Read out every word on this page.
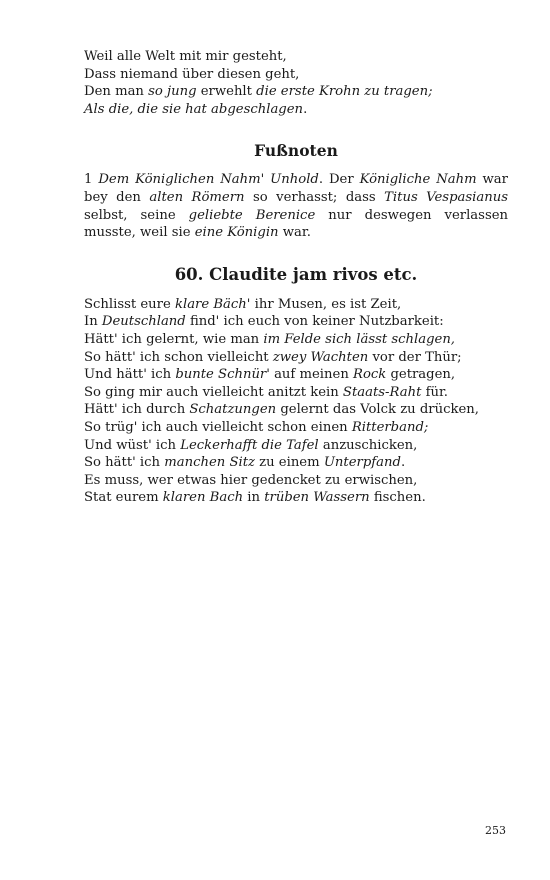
Weil alle Welt mit mir gesteht,
Dass niemand über diesen geht,
Den man so jung erwehlt die erste Krohn zu tragen;
Als die, die sie hat abgeschlagen.
Fußnoten

1 Dem Königlichen Nahm' Unhold. Der Königliche Nahm war bey den alten Römern so verhasst; dass Titus Vespasianus selbst, seine geliebte Berenice nur deswegen verlassen musste, weil sie eine Königin war.

60. Claudite jam rivos etc.
Schlisst eure klare Bäch' ihr Musen, es ist Zeit,
In Deutschland find' ich euch von keiner Nutzbarkeit:
Hätt' ich gelernt, wie man im Felde sich lässt schlagen,
So hätt' ich schon vielleicht zwey Wachten vor der Thür;
Und hätt' ich bunte Schnür' auf meinen Rock getragen,
So ging mir auch vielleicht anitzt kein Staats-Raht für.
Hätt' ich durch Schatzungen gelernt das Volck zu drücken,
So trüg' ich auch vielleicht schon einen Ritterband;
Und wüst' ich Leckerhafft die Tafel anzuschicken,
So hätt' ich manchen Sitz zu einem Unterpfand.
Es muss, wer etwas hier gedencket zu erwischen,
Stat eurem klaren Bach in trüben Wassern fischen.
253
